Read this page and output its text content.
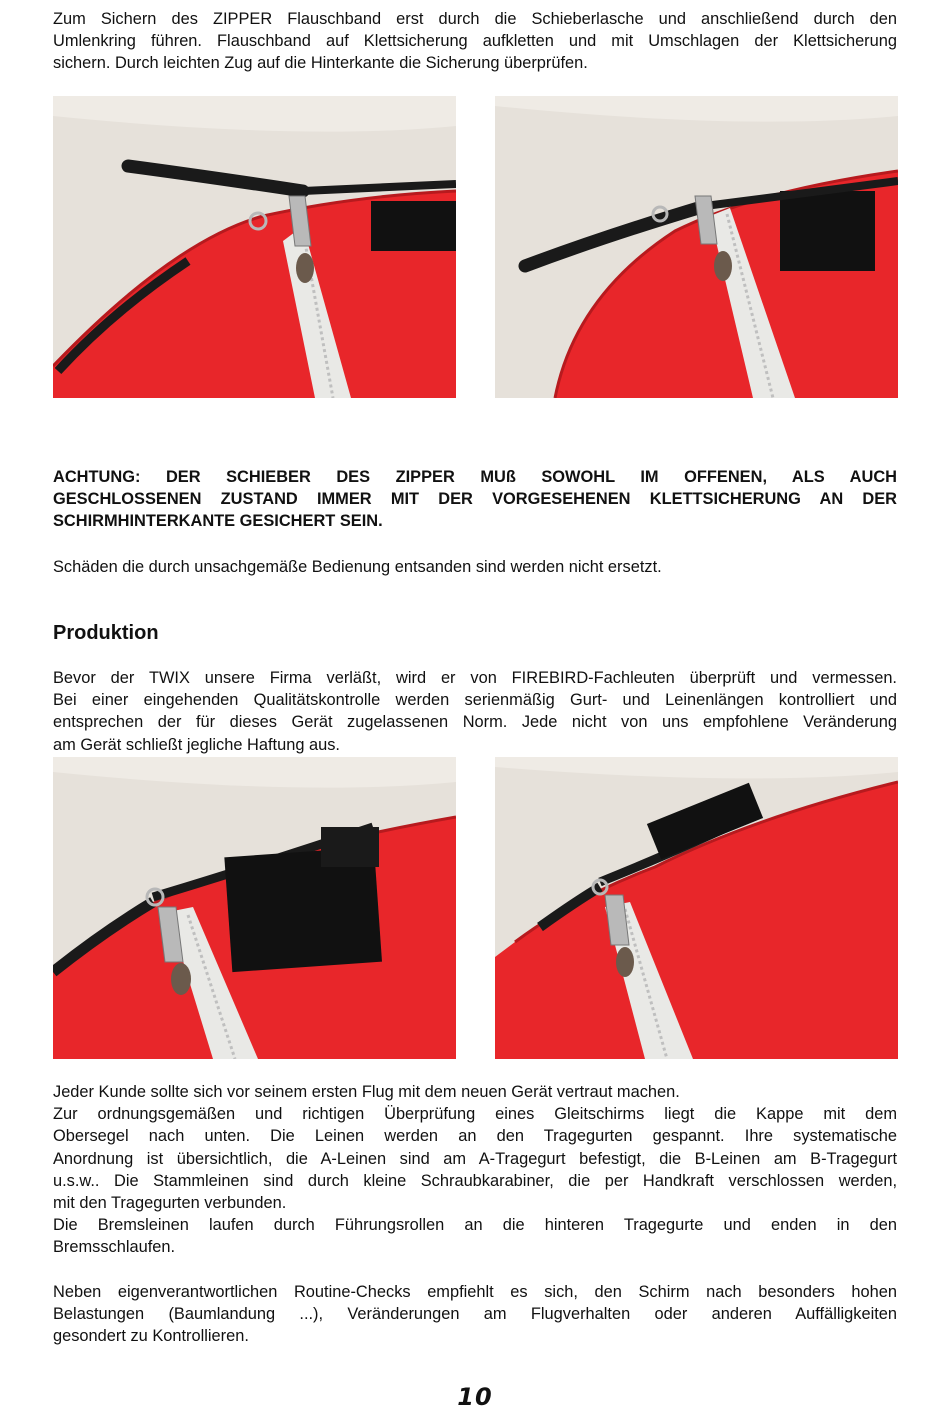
Zum Sichern des ZIPPER Flauschband erst durch die Schieberlasche und anschließend durch den
Umlenkring führen. Flauschband auf Klettsicherung aufkletten und mit Umschlagen der Klettsicherung
sichern. Durch leichten Zug auf die Hinterkante die Sicherung überprüfen.
ACHTUNG: DER SCHIEBER DES ZIPPER MUß SOWOHL IM OFFENEN, ALS AUCH
GESCHLOSSENEN ZUSTAND IMMER MIT DER VORGESEHENEN KLETTSICHERUNG AN DER
SCHIRMHINTERKANTE GESICHERT SEIN.

Schäden die durch unsachgemäße Bedienung entsanden sind werden nicht ersetzt.

Produktion
Bevor der TWIX unsere Firma verläßt, wird er von FIREBIRD-Fachleuten überprüft und vermessen.
Bei einer eingehenden Qualitätskontrolle werden serienmäßig Gurt- und Leinenlängen kontrolliert und
entsprechen der für dieses Gerät zugelassenen Norm. Jede nicht von uns empfohlene Veränderung
am Gerät schließt jegliche Haftung aus.
Jeder Kunde sollte sich vor seinem ersten Flug mit dem neuen Gerät vertraut machen.
Zur ordnungsgemäßen und richtigen Überprüfung eines Gleitschirms liegt die Kappe mit dem
Obersegel nach unten. Die Leinen werden an den Tragegurten gespannt. Ihre systematische
Anordnung ist übersichtlich, die A-Leinen sind am A-Tragegurt befestigt, die B-Leinen am B-Tragegurt
u.s.w.. Die Stammleinen sind durch kleine Schraubkarabiner, die per Handkraft verschlossen werden,
mit den Tragegurten verbunden.
Die Bremsleinen laufen durch Führungsrollen an die hinteren Tragegurte und enden in den
Bremsschlaufen.
Neben eigenverantwortlichen Routine-Checks empfiehlt es sich, den Schirm nach besonders hohen
Belastungen (Baumlandung ...), Veränderungen am Flugverhalten oder anderen Auffälligkeiten
gesondert zu Kontrollieren.
10
